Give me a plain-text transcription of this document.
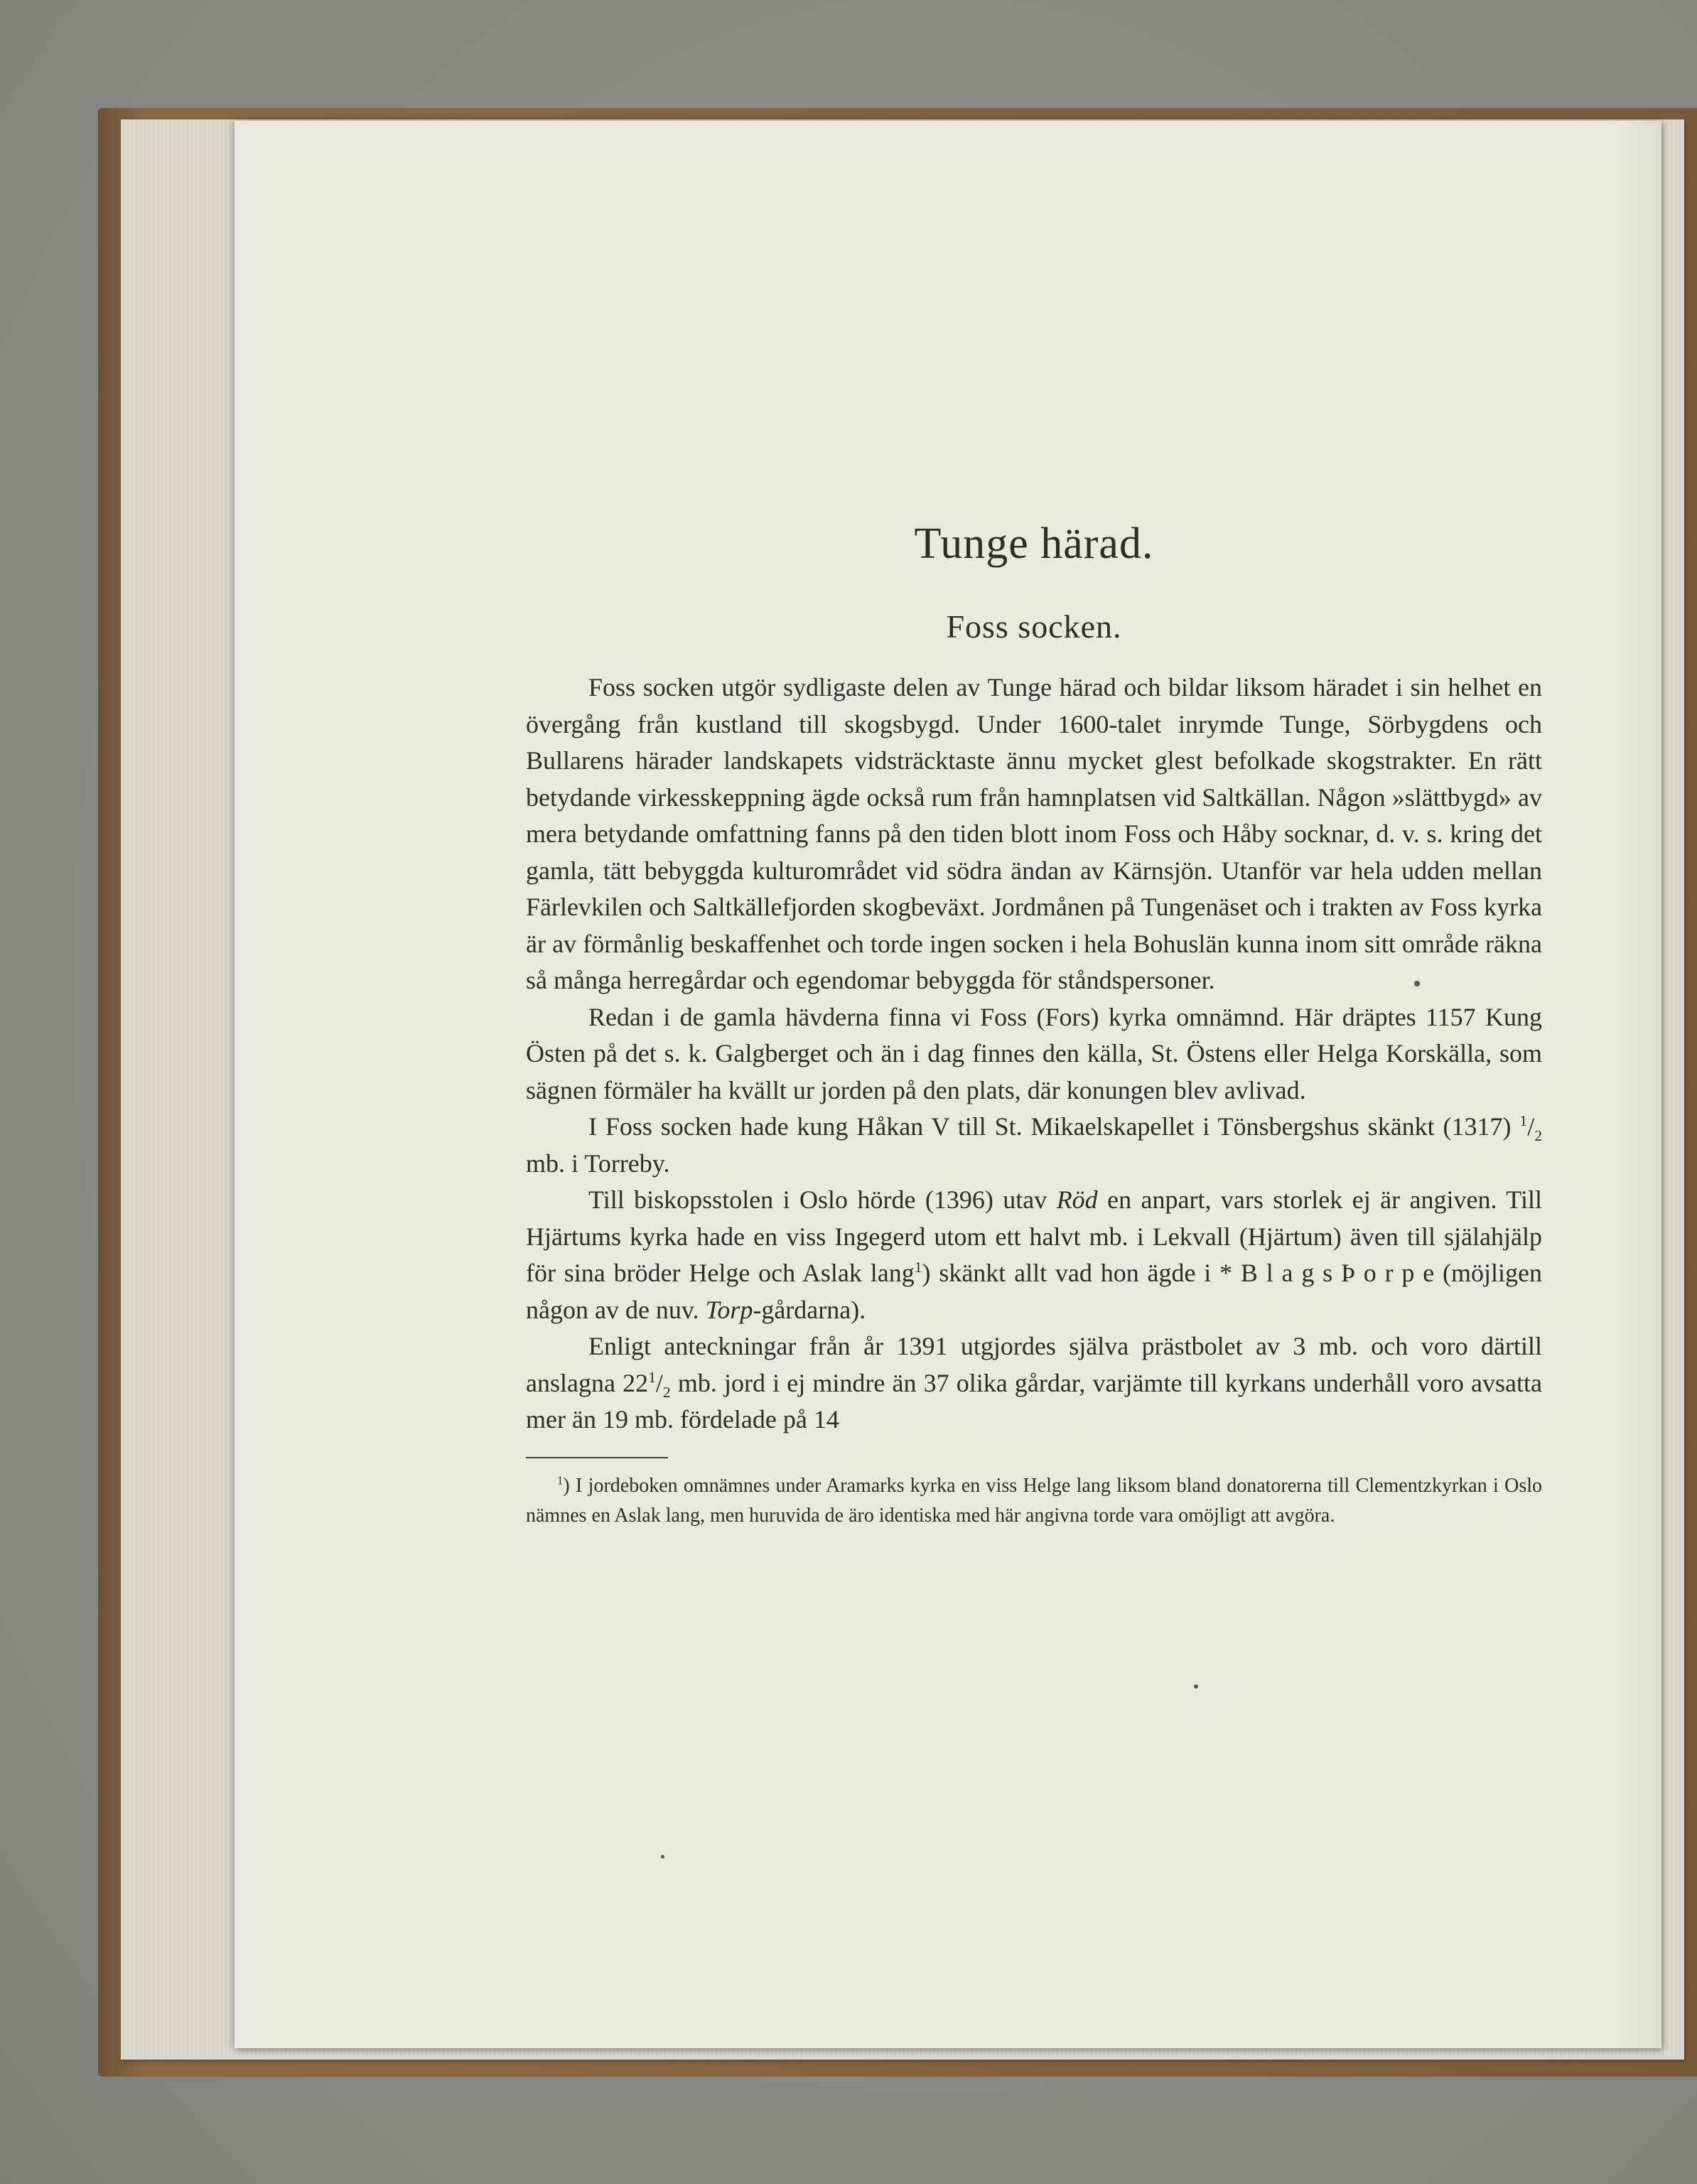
Tunge härad.
Foss socken.

Foss socken utgör sydligaste delen av Tunge härad och bildar liksom häradet i sin helhet en övergång från kustland till skogsbygd. Under 1600-talet inrymde Tunge, Sörbygdens och Bullarens härader landskapets vidsträcktaste ännu mycket glest befolkade skogstrakter. En rätt betydande virkesskeppning ägde också rum från hamnplatsen vid Saltkällan. Någon »slättbygd» av mera betydande omfattning fanns på den tiden blott inom Foss och Håby socknar, d. v. s. kring det gamla, tätt bebyggda kulturområdet vid södra ändan av Kärnsjön. Utanför var hela udden mellan Färlevkilen och Saltkällefjorden skogbeväxt. Jordmånen på Tungenäset och i trakten av Foss kyrka är av förmånlig beskaffenhet och torde ingen socken i hela Bohuslän kunna inom sitt område räkna så många herregårdar och egendomar bebyggda för ståndspersoner.

Redan i de gamla hävderna finna vi Foss (Fors) kyrka omnämnd. Här dräptes 1157 Kung Östen på det s. k. Galgberget och än i dag finnes den källa, St. Östens eller Helga Korskälla, som sägnen förmäler ha kvällt ur jorden på den plats, där konungen blev avlivad.

I Foss socken hade kung Håkan V till St. Mikaelskapellet i Tönsbergshus skänkt (1317) $^1/_2$ mb. i Torreby.

Till biskopsstolen i Oslo hörde (1396) utav Röd en anpart, vars storlek ej är angiven. Till Hjärtums kyrka hade en viss Ingegerd utom ett halvt mb. i Lekvall (Hjärtum) även till själahjälp för sina bröder Helge och Aslak lang$^1$) skänkt allt vad hon ägde i * B l a g s Þ o r p e (möjligen någon av de nuv. Torp-gårdarna).

Enligt anteckningar från år 1391 utgjordes själva prästbolet av 3 mb. och voro därtill anslagna $22^1/_2$ mb. jord i ej mindre än 37 olika gårdar, varjämte till kyrkans underhåll voro avsatta mer än 19 mb. fördelade på 14

$^1$) I jordeboken omnämnes under Aramarks kyrka en viss Helge lang liksom bland donatorerna till Clementzkyrkan i Oslo nämnes en Aslak lang, men huruvida de äro identiska med här angivna torde vara omöjligt att avgöra.
